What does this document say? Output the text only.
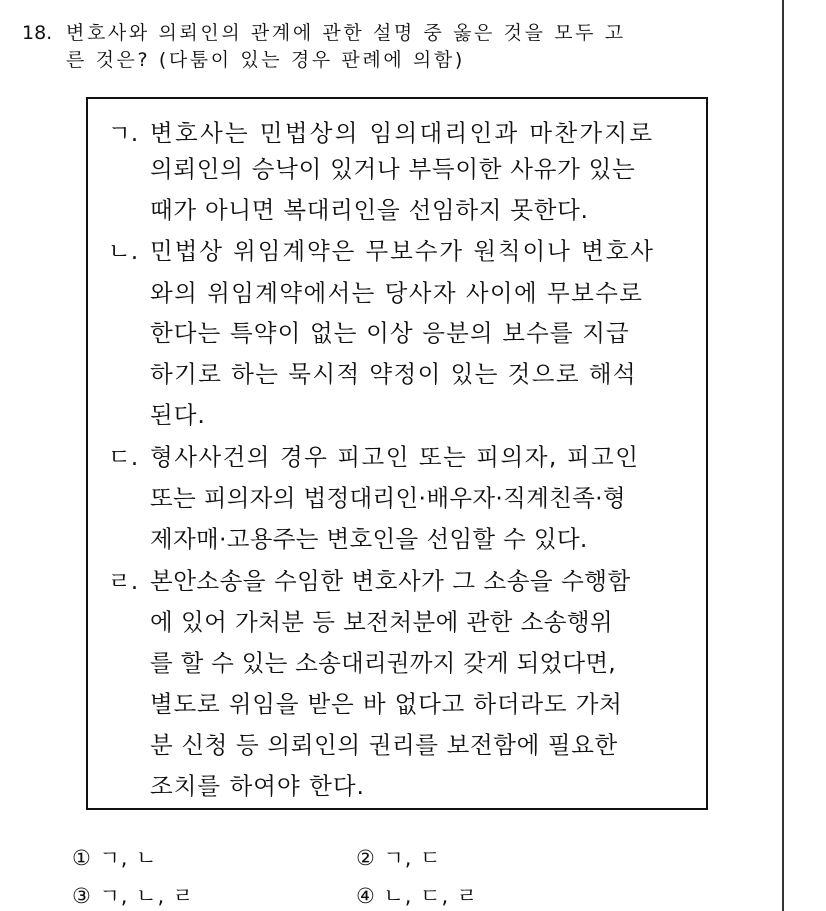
18. 변호사와 의뢰인의 관계에 관한 설명 중 옳은 것을 모두 고
른 것은? (다툼이 있는 경우 판례에 의함)
ㄱ. 변호사는 민법상의 임의대리인과 마찬가지로
의뢰인의 승낙이 있거나 부득이한 사유가 있는
때가 아니면 복대리인을 선임하지 못한다.
ㄴ. 민법상 위임계약은 무보수가 원칙이나 변호사
와의 위임계약에서는 당사자 사이에 무보수로
한다는 특약이 없는 이상 응분의 보수를 지급
하기로 하는 묵시적 약정이 있는 것으로 해석
된다.
ㄷ. 형사사건의 경우 피고인 또는 피의자, 피고인
또는 피의자의 법정대리인·배우자·직계친족·형
제자매·고용주는 변호인을 선임할 수 있다.
ㄹ. 본안소송을 수임한 변호사가 그 소송을 수행함
에 있어 가처분 등 보전처분에 관한 소송행위
를 할 수 있는 소송대리권까지 갖게 되었다면,
별도로 위임을 받은 바 없다고 하더라도 가처
분 신청 등 의뢰인의 권리를 보전함에 필요한
조치를 하여야 한다.
① ㄱ, ㄴ	② ㄱ, ㄷ
③ ㄱ, ㄴ, ㄹ	④ ㄴ, ㄷ, ㄹ
